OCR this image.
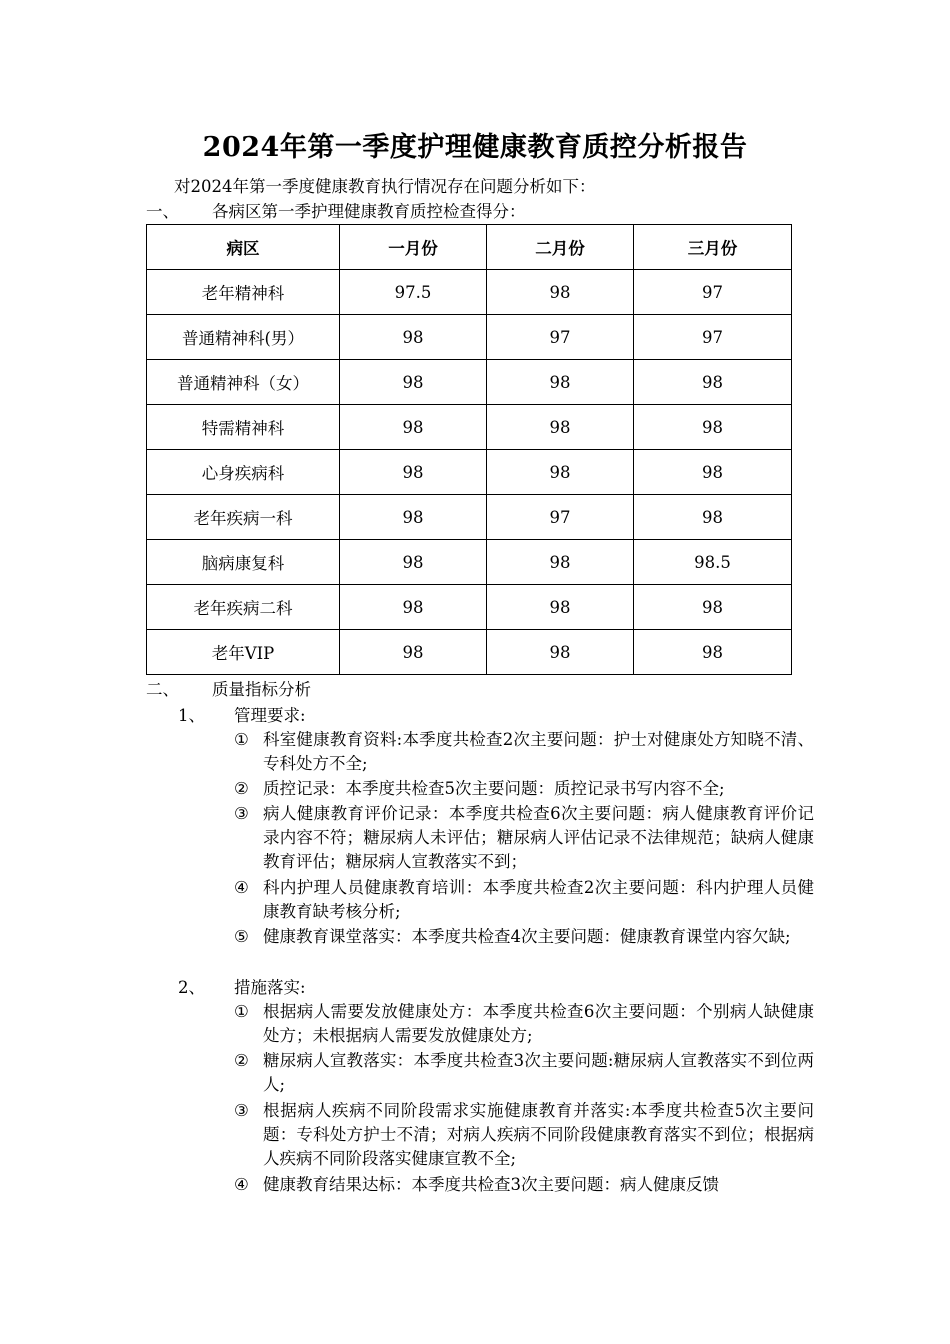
2024年第一季度护理健康教育质控分析报告
对2024年第一季度健康教育执行情况存在问题分析如下：
一、 各病区第一季护理健康教育质控检查得分：
病区	一月份	二月份	三月份
老年精神科	97.5	98	97
普通精神科(男）	98	97	97
普通精神科（女）	98	98	98
特需精神科	98	98	98
心身疾病科	98	98	98
老年疾病一科	98	97	98
脑病康复科	98	98	98.5
老年疾病二科	98	98	98
老年VIP	98	98	98
二、 质量指标分析
1、 管理要求:
① 科室健康教育资料:本季度共检查2次主要问题：护士对健康处方知晓不清、专科处方不全;
② 质控记录：本季度共检查5次主要问题：质控记录书写内容不全;
③ 病人健康教育评价记录：本季度共检查6次主要问题：病人健康教育评价记录内容不符；糖尿病人未评估；糖尿病人评估记录不法律规范；缺病人健康教育评估；糖尿病人宣教落实不到；
④ 科内护理人员健康教育培训：本季度共检查2次主要问题：科内护理人员健康教育缺考核分析;
⑤ 健康教育课堂落实：本季度共检查4次主要问题：健康教育课堂内容欠缺;
2、 措施落实:
① 根据病人需要发放健康处方：本季度共检查6次主要问题：个别病人缺健康处方；未根据病人需要发放健康处方;
② 糖尿病人宣教落实：本季度共检查3次主要问题:糖尿病人宣教落实不到位两人;
③ 根据病人疾病不同阶段需求实施健康教育并落实:本季度共检查5次主要问题：专科处方护士不清；对病人疾病不同阶段健康教育落实不到位；根据病人疾病不同阶段落实健康宣教不全;
④ 健康教育结果达标：本季度共检查3次主要问题：病人健康反馈
